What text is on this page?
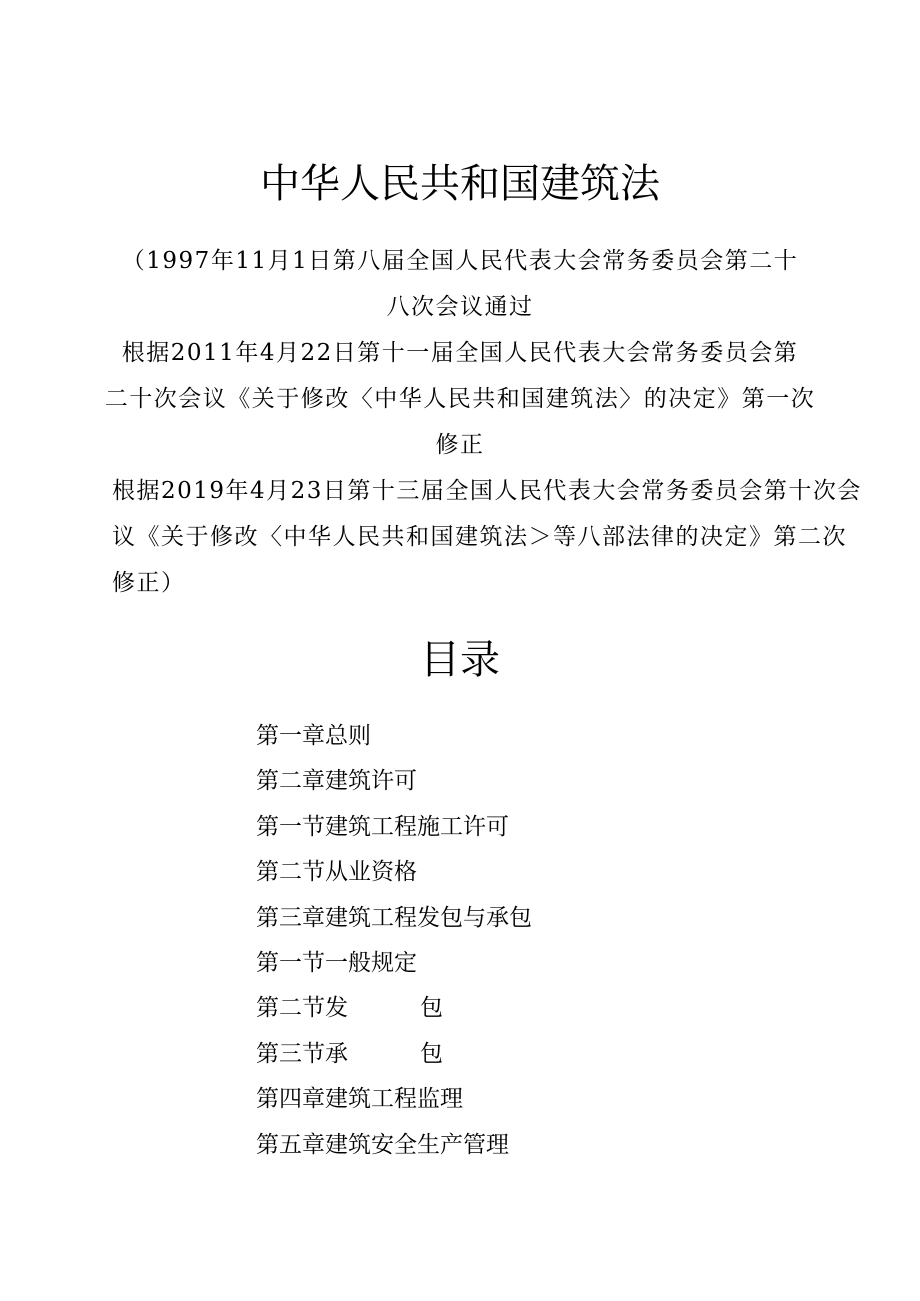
中华人民共和国建筑法
（1997年11月1日第八届全国人民代表大会常务委员会第二十
八次会议通过
根据2011年4月22日第十一届全国人民代表大会常务委员会第
二十次会议《关于修改〈中华人民共和国建筑法〉的决定》第一次
修正
根据2019年4月23日第十三届全国人民代表大会常务委员会第十次会
议《关于修改〈中华人民共和国建筑法＞等八部法律的决定》第二次
修正）
目录
第一章总则
第二章建筑许可
第一节建筑工程施工许可
第二节从业资格
第三章建筑工程发包与承包
第一节一般规定
第二节发	包
第三节承	包
第四章建筑工程监理
第五章建筑安全生产管理
